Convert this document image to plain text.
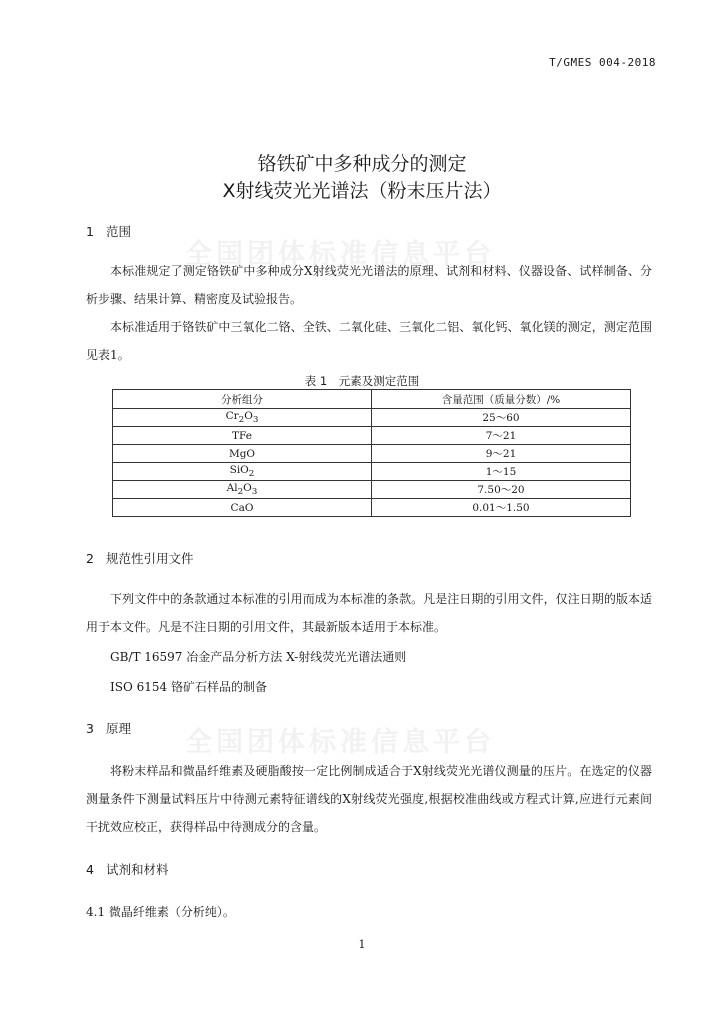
T/GMES 004-2018
铬铁矿中多种成分的测定
X射线荧光光谱法（粉末压片法）
全国团体标准信息平台
全国团体标准信息平台
1 范围
本标准规定了测定铬铁矿中多种成分X射线荧光光谱法的原理、试剂和材料、仪器设备、试样制备、分析步骤、结果计算、精密度及试验报告。
本标准适用于铬铁矿中三氧化二铬、全铁、二氧化硅、三氧化二铝、氧化钙、氧化镁的测定，测定范围见表1。
表 1　元素及测定范围
分析组分	含量范围（质量分数）/%
$Cr_2O_3$	25～60
TFe	7～21
MgO	9～21
SiO$_2$	1～15
$Al_2O_3$	7.50～20
CaO	0.01～1.50
2 规范性引用文件
下列文件中的条款通过本标准的引用而成为本标准的条款。凡是注日期的引用文件，仅注日期的版本适用于本文件。凡是不注日期的引用文件，其最新版本适用于本标准。
GB/T 16597 冶金产品分析方法 X-射线荧光光谱法通则
ISO 6154 铬矿石样品的制备
3 原理
将粉末样品和微晶纤维素及硬脂酸按一定比例制成适合于X射线荧光光谱仪测量的压片。在选定的仪器测量条件下测量试料压片中待测元素特征谱线的X射线荧光强度,根据校准曲线或方程式计算,应进行元素间干扰效应校正，获得样品中待测成分的含量。
4 试剂和材料
4.1 微晶纤维素（分析纯）。
1
